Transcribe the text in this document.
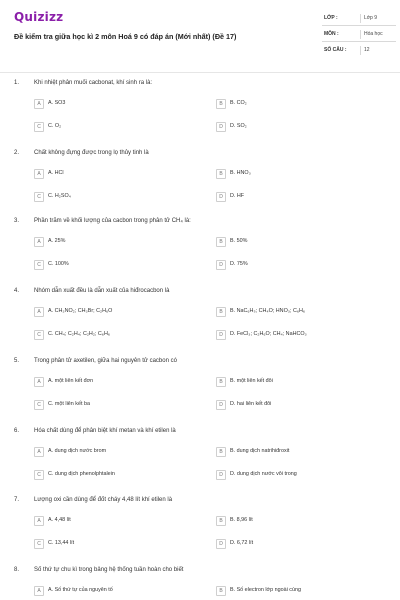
Quizizz
Đề kiểm tra giữa học kì 2 môn Hoá 9 có đáp án (Mới nhất) (Đề 17)
LỚP :	Lớp 9
MÔN :	Hóa học
SỐ CÂU :	12
1. Khi nhiệt phân muối cacbonat, khí sinh ra là:
A	A. SO3	B	B. CO₂
C	C. O₂	D	D. SO₂
2. Chất không đựng được trong lọ thủy tinh là
A	A. HCl	B	B. HNO₃
C	C. H₂SO₄	D	D. HF
3. Phần trăm về khối lượng của cacbon trong phân tử CH₄ là:
A	A. 25%	B	B. 50%
C	C. 100%	D	D. 75%
4. Nhóm dẫn xuất đều là dẫn xuất của hiđrocacbon là
A	A. CH₃NO₂; CH₃Br; C₂H₆O	B	B. NaC₆H₅; CH₄O; HNO₃; C₆H₆
C	C. CH₄; C₂H₄; C₂H₂; C₆H₆	D	D. FeCl₃; C₂H₆O; CH₄; NaHCO₃
5. Trong phân tử axetilen, giữa hai nguyên tử cacbon có
A	A. một liên kết đơn	B	B. một liên kết đôi
C	C. một liên kết ba	D	D. hai liên kết đôi
6. Hóa chất dùng để phân biệt khí metan và khí etilen là
A	A. dung dịch nước brom	B	B. dung dịch natrihiđroxit
C	C. dung dịch phenolphtalein	D	D. dung dịch nước vôi trong
7. Lượng oxi cần dùng để đốt cháy 4,48 lít khí etilen là
A	A. 4,48 lít	B	B. 8,96 lít
C	C. 13,44 lít	D	D. 6,72 lít
8. Số thứ tự chu kì trong bảng hệ thống tuần hoàn cho biết
A	A. Số thứ tự của nguyên tố	B	B. Số electron lớp ngoài cùng
